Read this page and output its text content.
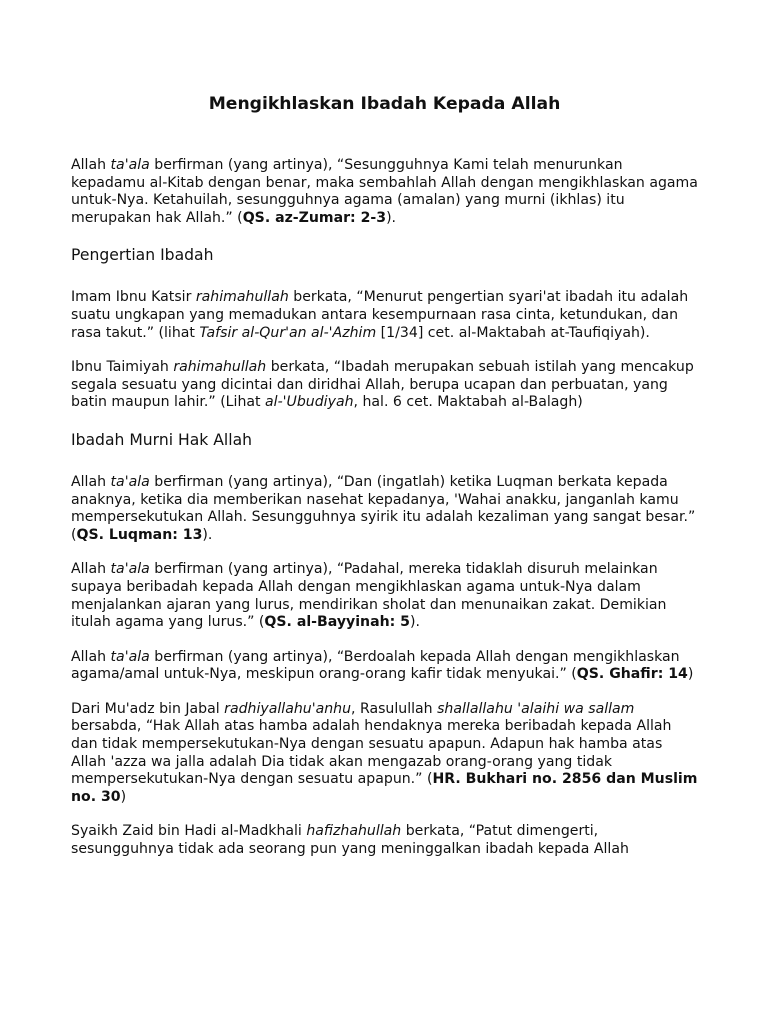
Mengikhlaskan Ibadah Kepada Allah

Allah ta'ala berfirman (yang artinya), “Sesungguhnya Kami telah menurunkan kepadamu al-Kitab dengan benar, maka sembahlah Allah dengan mengikhlaskan agama untuk-Nya. Ketahuilah, sesungguhnya agama (amalan) yang murni (ikhlas) itu merupakan hak Allah.” (QS. az-Zumar: 2-3).

Pengertian Ibadah

Imam Ibnu Katsir rahimahullah berkata, “Menurut pengertian syari'at ibadah itu adalah suatu ungkapan yang memadukan antara kesempurnaan rasa cinta, ketundukan, dan rasa takut.” (lihat Tafsir al-Qur'an al-'Azhim [1/34] cet. al-Maktabah at-Taufiqiyah).

Ibnu Taimiyah rahimahullah berkata, “Ibadah merupakan sebuah istilah yang mencakup segala sesuatu yang dicintai dan diridhai Allah, berupa ucapan dan perbuatan, yang batin maupun lahir.” (Lihat al-'Ubudiyah, hal. 6 cet. Maktabah al-Balagh)

Ibadah Murni Hak Allah

Allah ta'ala berfirman (yang artinya), “Dan (ingatlah) ketika Luqman berkata kepada anaknya, ketika dia memberikan nasehat kepadanya, 'Wahai anakku, janganlah kamu mempersekutukan Allah. Sesungguhnya syirik itu adalah kezaliman yang sangat besar.” (QS. Luqman: 13).

Allah ta'ala berfirman (yang artinya), “Padahal, mereka tidaklah disuruh melainkan supaya beribadah kepada Allah dengan mengikhlaskan agama untuk-Nya dalam menjalankan ajaran yang lurus, mendirikan sholat dan menunaikan zakat. Demikian itulah agama yang lurus.” (QS. al-Bayyinah: 5).

Allah ta'ala berfirman (yang artinya), “Berdoalah kepada Allah dengan mengikhlaskan agama/amal untuk-Nya, meskipun orang-orang kafir tidak menyukai.” (QS. Ghafir: 14)

Dari Mu'adz bin Jabal radhiyallahu'anhu, Rasulullah shallallahu 'alaihi wa sallam bersabda, “Hak Allah atas hamba adalah hendaknya mereka beribadah kepada Allah dan tidak mempersekutukan-Nya dengan sesuatu apapun. Adapun hak hamba atas Allah 'azza wa jalla adalah Dia tidak akan mengazab orang-orang yang tidak mempersekutukan-Nya dengan sesuatu apapun.” (HR. Bukhari no. 2856 dan Muslim no. 30)

Syaikh Zaid bin Hadi al-Madkhali hafizhahullah berkata, “Patut dimengerti, sesungguhnya tidak ada seorang pun yang meninggalkan ibadah kepada Allah
